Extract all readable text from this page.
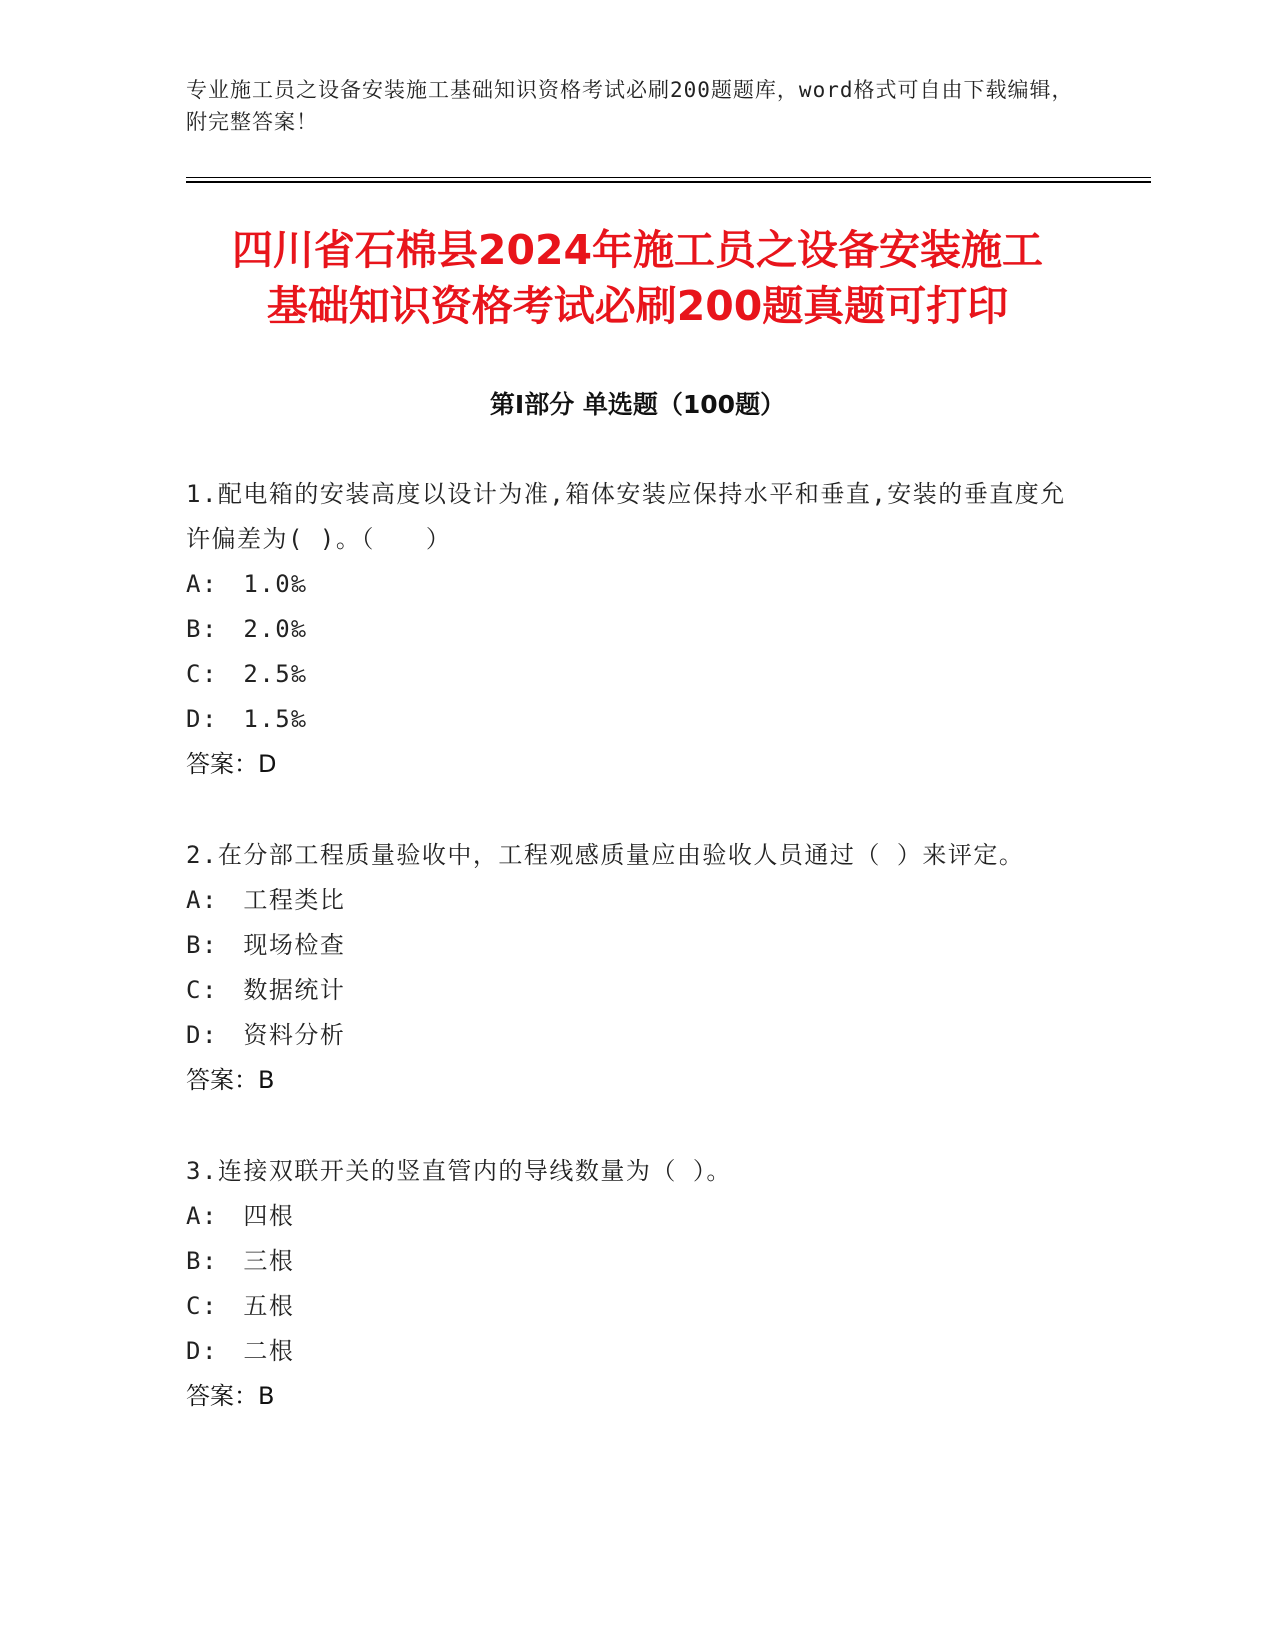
专业施工员之设备安装施工基础知识资格考试必刷200题题库，word格式可自由下载编辑，附完整答案！
四川省石棉县2024年施工员之设备安装施工
基础知识资格考试必刷200题真题可打印
第Ⅰ部分 单选题（100题）
1.配电箱的安装高度以设计为准,箱体安装应保持水平和垂直,安装的垂直度允许偏差为( )。（　　）
A:　1.0‰
B:　2.0‰
C:　2.5‰
D:　1.5‰
答案：D
2.在分部工程质量验收中，工程观感质量应由验收人员通过（ ）来评定。
A:　工程类比
B:　现场检查
C:　数据统计
D:　资料分析
答案：B
3.连接双联开关的竖直管内的导线数量为（ ）。
A:　四根
B:　三根
C:　五根
D:　二根
答案：B
